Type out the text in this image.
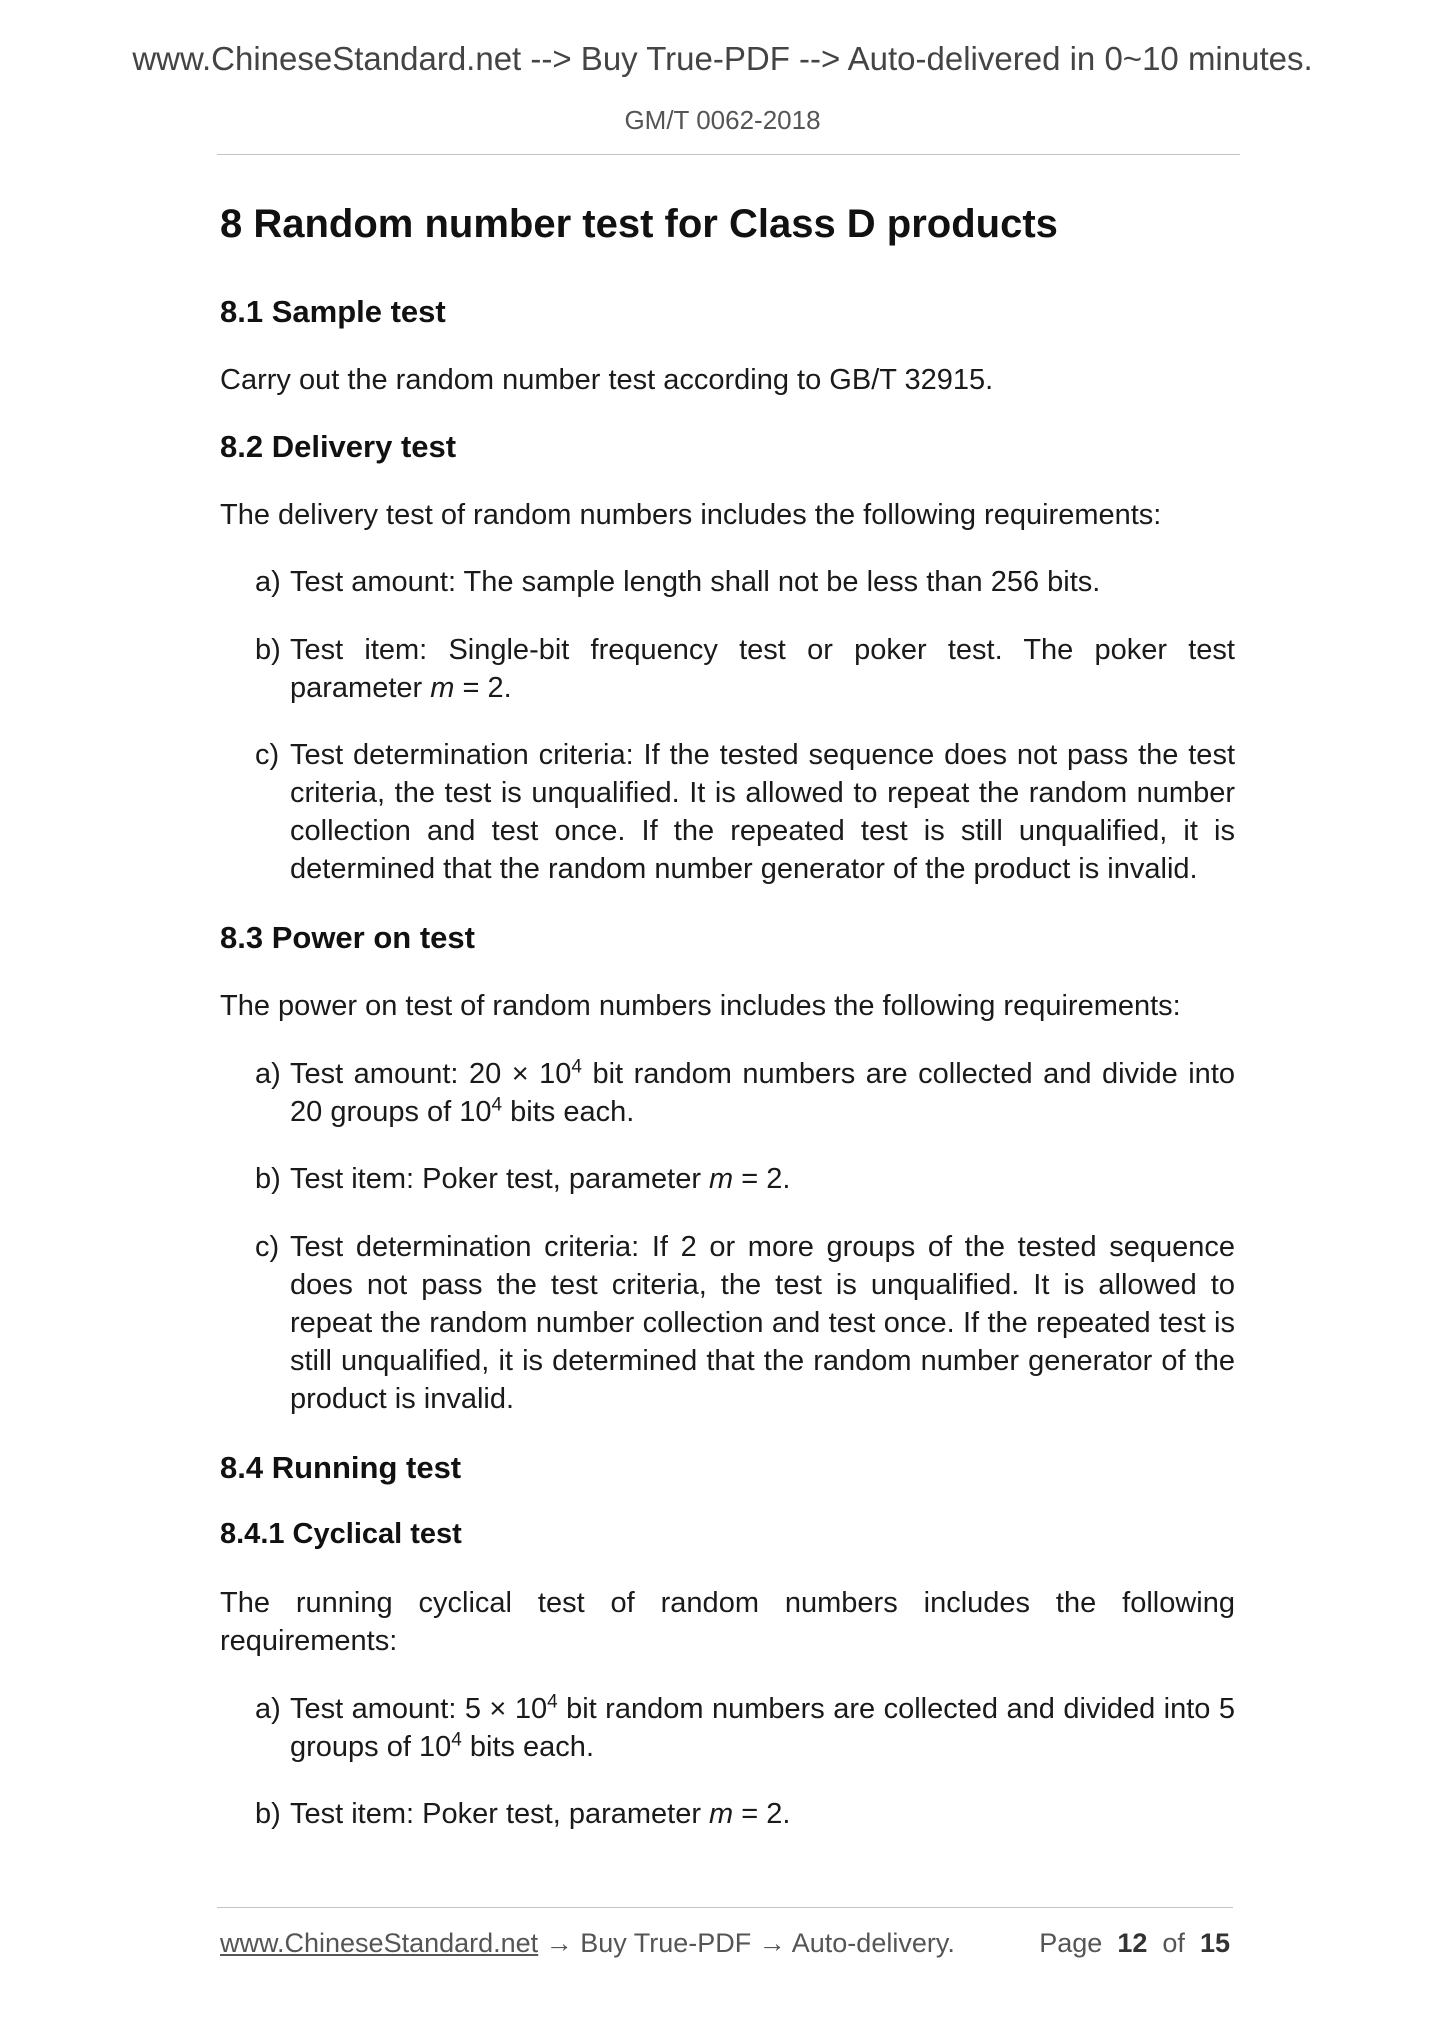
www.ChineseStandard.net --> Buy True-PDF --> Auto-delivered in 0~10 minutes.
GM/T 0062-2018
8 Random number test for Class D products
8.1 Sample test
Carry out the random number test according to GB/T 32915.
8.2 Delivery test
The delivery test of random numbers includes the following requirements:
a) Test amount: The sample length shall not be less than 256 bits.
b) Test item: Single-bit frequency test or poker test. The poker test parameter m = 2.
c) Test determination criteria: If the tested sequence does not pass the test criteria, the test is unqualified. It is allowed to repeat the random number collection and test once. If the repeated test is still unqualified, it is determined that the random number generator of the product is invalid.
8.3 Power on test
The power on test of random numbers includes the following requirements:
a) Test amount: $20 \times 10^4$ bit random numbers are collected and divide into 20 groups of $10^4$ bits each.
b) Test item: Poker test, parameter m = 2.
c) Test determination criteria: If 2 or more groups of the tested sequence does not pass the test criteria, the test is unqualified. It is allowed to repeat the random number collection and test once. If the repeated test is still unqualified, it is determined that the random number generator of the product is invalid.
8.4 Running test
8.4.1 Cyclical test
The running cyclical test of random numbers includes the following requirements:
a) Test amount: $5 \times 10^4$ bit random numbers are collected and divided into 5 groups of $10^4$ bits each.
b) Test item: Poker test, parameter m = 2.
www.ChineseStandard.net → Buy True-PDF → Auto-delivery.	Page 12 of 15
